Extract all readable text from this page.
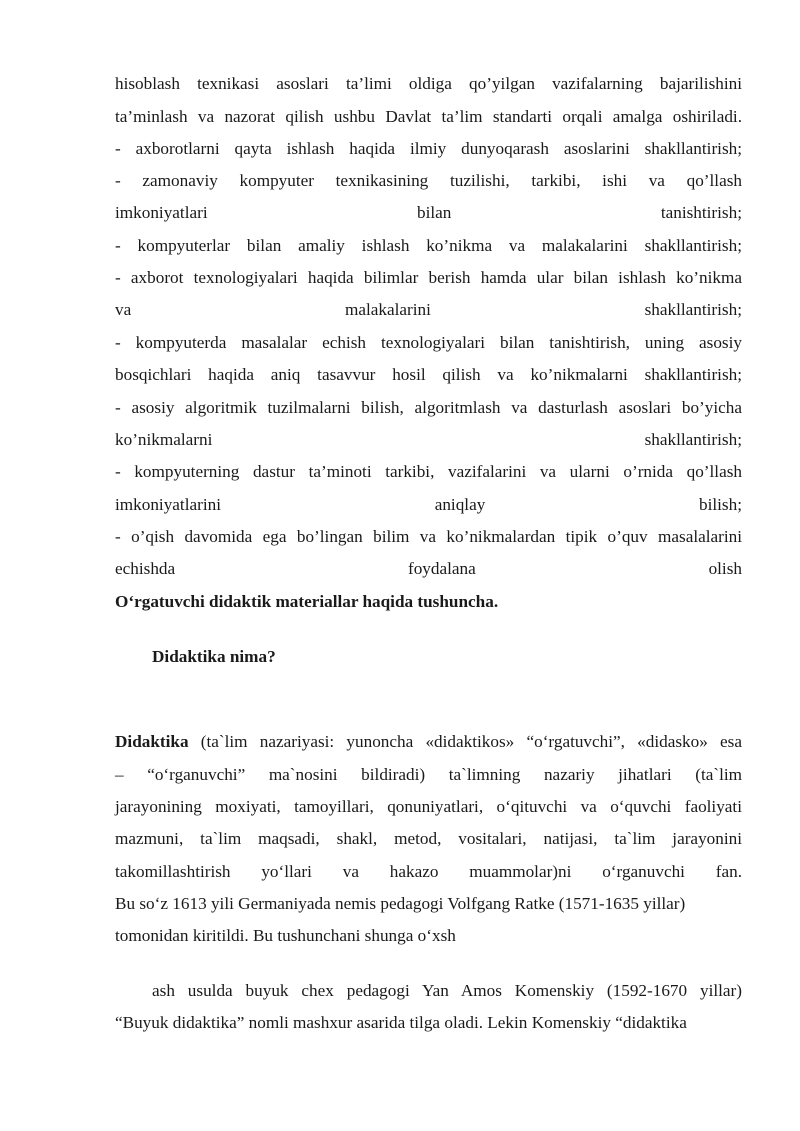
hisoblash texnikasi asoslari ta’limi oldiga qo’yilgan vazifalarning bajarilishini
ta’minlash va nazorat qilish ushbu Davlat ta’lim standarti orqali amalga oshiriladi.
- axborotlarni qayta ishlash haqida ilmiy dunyoqarash asoslarini shakllantirish;
- zamonaviy kompyuter texnikasining tuzilishi, tarkibi, ishi va qo’llash
imkoniyatlari bilan tanishtirish;
- kompyuterlar bilan amaliy ishlash ko’nikma va malakalarini shakllantirish;
- axborot texnologiyalari haqida bilimlar berish hamda ular bilan ishlash ko’nikma
va malakalarini shakllantirish;
- kompyuterda masalalar echish texnologiyalari bilan tanishtirish, uning asosiy
bosqichlari haqida aniq tasavvur hosil qilish va ko’nikmalarni shakllantirish;
- asosiy algoritmik tuzilmalarni bilish, algoritmlash va dasturlash asoslari bo’yicha
ko’nikmalarni shakllantirish;
- kompyuterning dastur ta’minoti tarkibi, vazifalarini va ularni o’rnida qo’llash
imkoniyatlarini aniqlay bilish;
- o’qish davomida ega bo’lingan bilim va ko’nikmalardan tipik o’quv masalalarini
echishda foydalana olish
O‘rgatuvchi didaktik materiallar haqida tushuncha.
Didaktika nima?
Didaktika (ta`lim nazariyasi: yunoncha «didaktikos» “o‘rgatuvchi”, «didasko» esa
– “o‘rganuvchi” ma`nosini bildiradi) ta`limning nazariy jihatlari (ta`lim
jarayonining moxiyati, tamoyillari, qonuniyatlari, o‘qituvchi va o‘quvchi faoliyati
mazmuni, ta`lim maqsadi, shakl, metod, vositalari, natijasi, ta`lim jarayonini
takomillashtirish yo‘llari va hakazo muammolar)ni o‘rganuvchi fan.
Bu so‘z 1613 yili Germaniyada nemis pedagogi Volfgang Ratke (1571-1635 yillar)
tomonidan kiritildi. Bu tushunchani shunga o‘xsh
ash usulda buyuk chex pedagogi Yan Amos Komenskiy (1592-1670 yillar)
“Buyuk didaktika” nomli mashxur asarida tilga oladi. Lekin Komenskiy “didaktika
